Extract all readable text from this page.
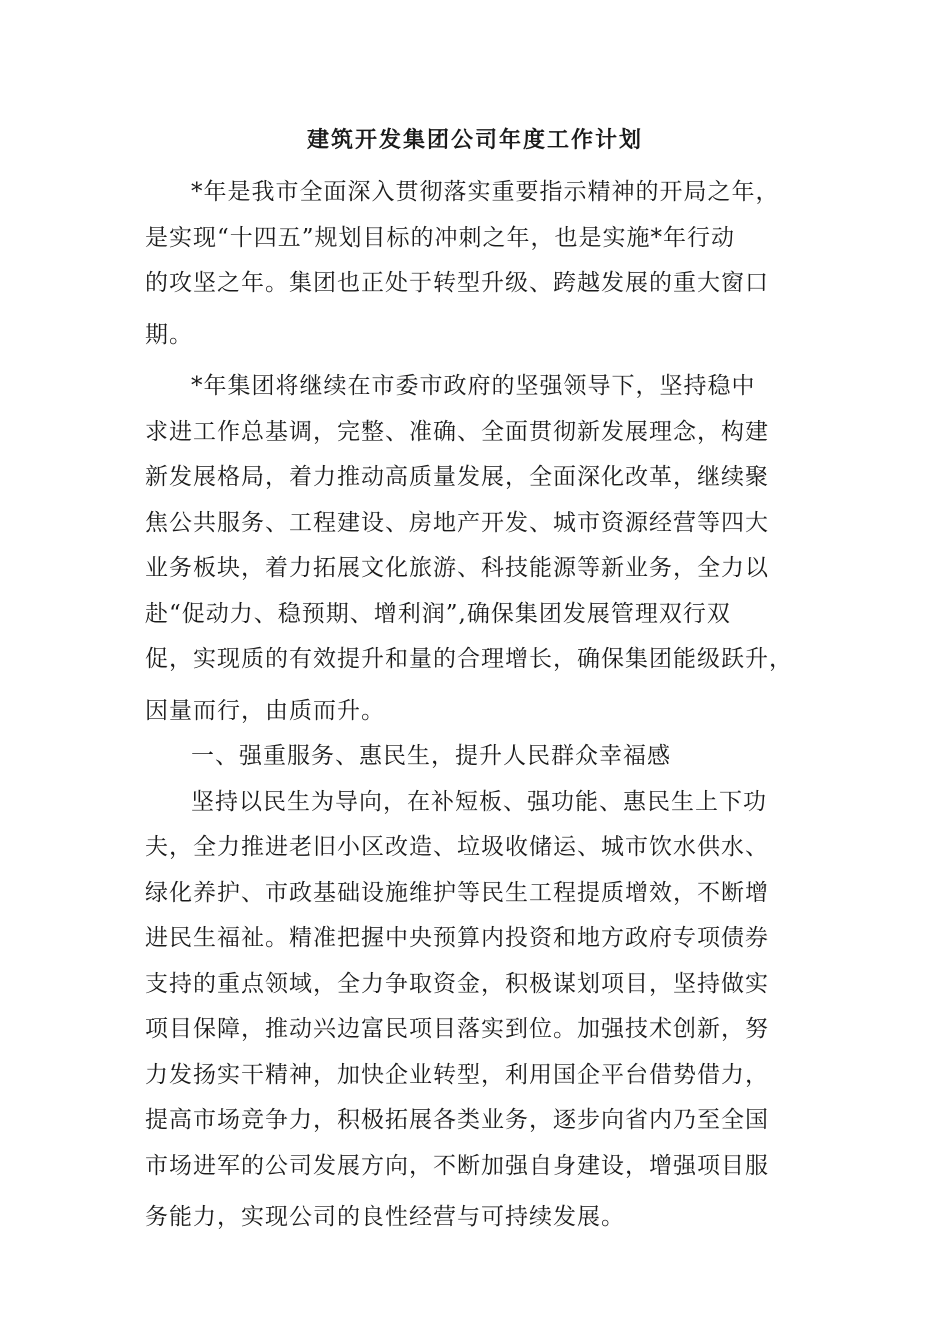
建筑开发集团公司年度工作计划

*年是我市全面深入贯彻落实重要指示精神的开局之年，
是实现“十四五”规划目标的冲刺之年，也是实施*年行动
的攻坚之年。集团也正处于转型升级、跨越发展的重大窗口
期。

*年集团将继续在市委市政府的坚强领导下，坚持稳中
求进工作总基调，完整、准确、全面贯彻新发展理念，构建
新发展格局，着力推动高质量发展，全面深化改革，继续聚
焦公共服务、工程建设、房地产开发、城市资源经营等四大
业务板块，着力拓展文化旅游、科技能源等新业务，全力以
赴“促动力、稳预期、增利润”,确保集团发展管理双行双
促，实现质的有效提升和量的合理增长，确保集团能级跃升，
因量而行，由质而升。

一、强重服务、惠民生，提升人民群众幸福感

坚持以民生为导向，在补短板、强功能、惠民生上下功
夫，全力推进老旧小区改造、垃圾收储运、城市饮水供水、
绿化养护、市政基础设施维护等民生工程提质增效，不断增
进民生福祉。精准把握中央预算内投资和地方政府专项债券
支持的重点领域，全力争取资金，积极谋划项目，坚持做实
项目保障，推动兴边富民项目落实到位。加强技术创新，努
力发扬实干精神，加快企业转型，利用国企平台借势借力，
提高市场竞争力，积极拓展各类业务，逐步向省内乃至全国
市场进军的公司发展方向，不断加强自身建设，增强项目服
务能力，实现公司的良性经营与可持续发展。
